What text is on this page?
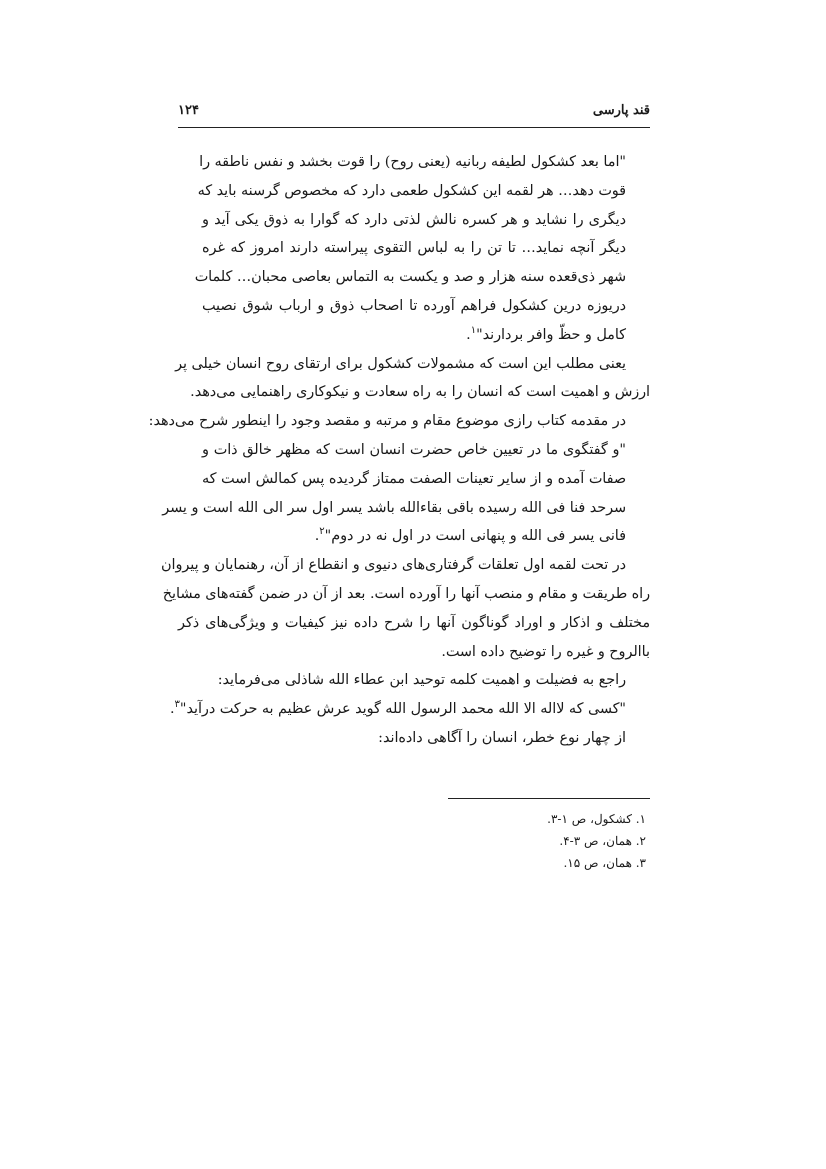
قند پارسی
۱۲۴
"اما بعد کشکول لطیفه ربانیه (یعنی روح) را قوت بخشد و نفس ناطقه را
قوت دهد… هر لقمه این کشکول طعمی دارد که مخصوص گرسنه باید که
دیگری را نشاید و هر کسره نالش لذتی دارد که گوارا به ذوق یکی آید و
دیگر آنچه نماید… تا تن را به لباس التقوی پیراسته دارند امروز که غره
شهر ذی‌قعده سنه هزار و صد و یکست به التماس بعاصی محبان… کلمات
دریوزه درین کشکول فراهم آورده تا اصحاب ذوق و ارباب شوق نصیب
کامل و حظّ وافر بردارند"$^۱$.
یعنی مطلب این است که مشمولات کشکول برای ارتقای روح انسان خیلی پر
ارزش و اهمیت است که انسان را به راه سعادت و نیکوکاری راهنمایی می‌دهد.
در مقدمه کتاب رازی موضوع مقام و مرتبه و مقصد وجود را اینطور شرح می‌دهد:
"و گفتگوی ما در تعیین خاص حضرت انسان است که مظهر خالق ذات و
صفات آمده و از سایر تعینات الصفت ممتاز گردیده پس کمالش است که
سرحد فنا فی الله رسیده باقی بقاءالله باشد یسر اول سر الی الله است و یسر
فانی یسر فی الله و پنهانی است در اول نه در دوم"$^۲$.
در تحت لقمه اول تعلقات گرفتاری‌های دنیوی و انقطاع از آن، رهنمایان و پیروان
راه طریقت و مقام و منصب آنها را آورده است. بعد از آن در ضمن گفته‌های مشایخ
مختلف و اذکار و اوراد گوناگون آنها را شرح داده نیز کیفیات و ویژگی‌های ذکر
باالروح و غیره را توضیح داده است.
راجع به فضیلت و اهمیت کلمه توحید ابن عطاء الله شاذلی می‌فرماید:
"کسی که لااله الا الله محمد الرسول الله گوید عرش عظیم به حرکت درآید"$^۳$.
از چهار نوع خطر، انسان را آگاهی داده‌اند:
۱. کشکول، ص ۱-۳.
۲. همان، ص ۳-۴.
۳. همان، ص ۱۵.
